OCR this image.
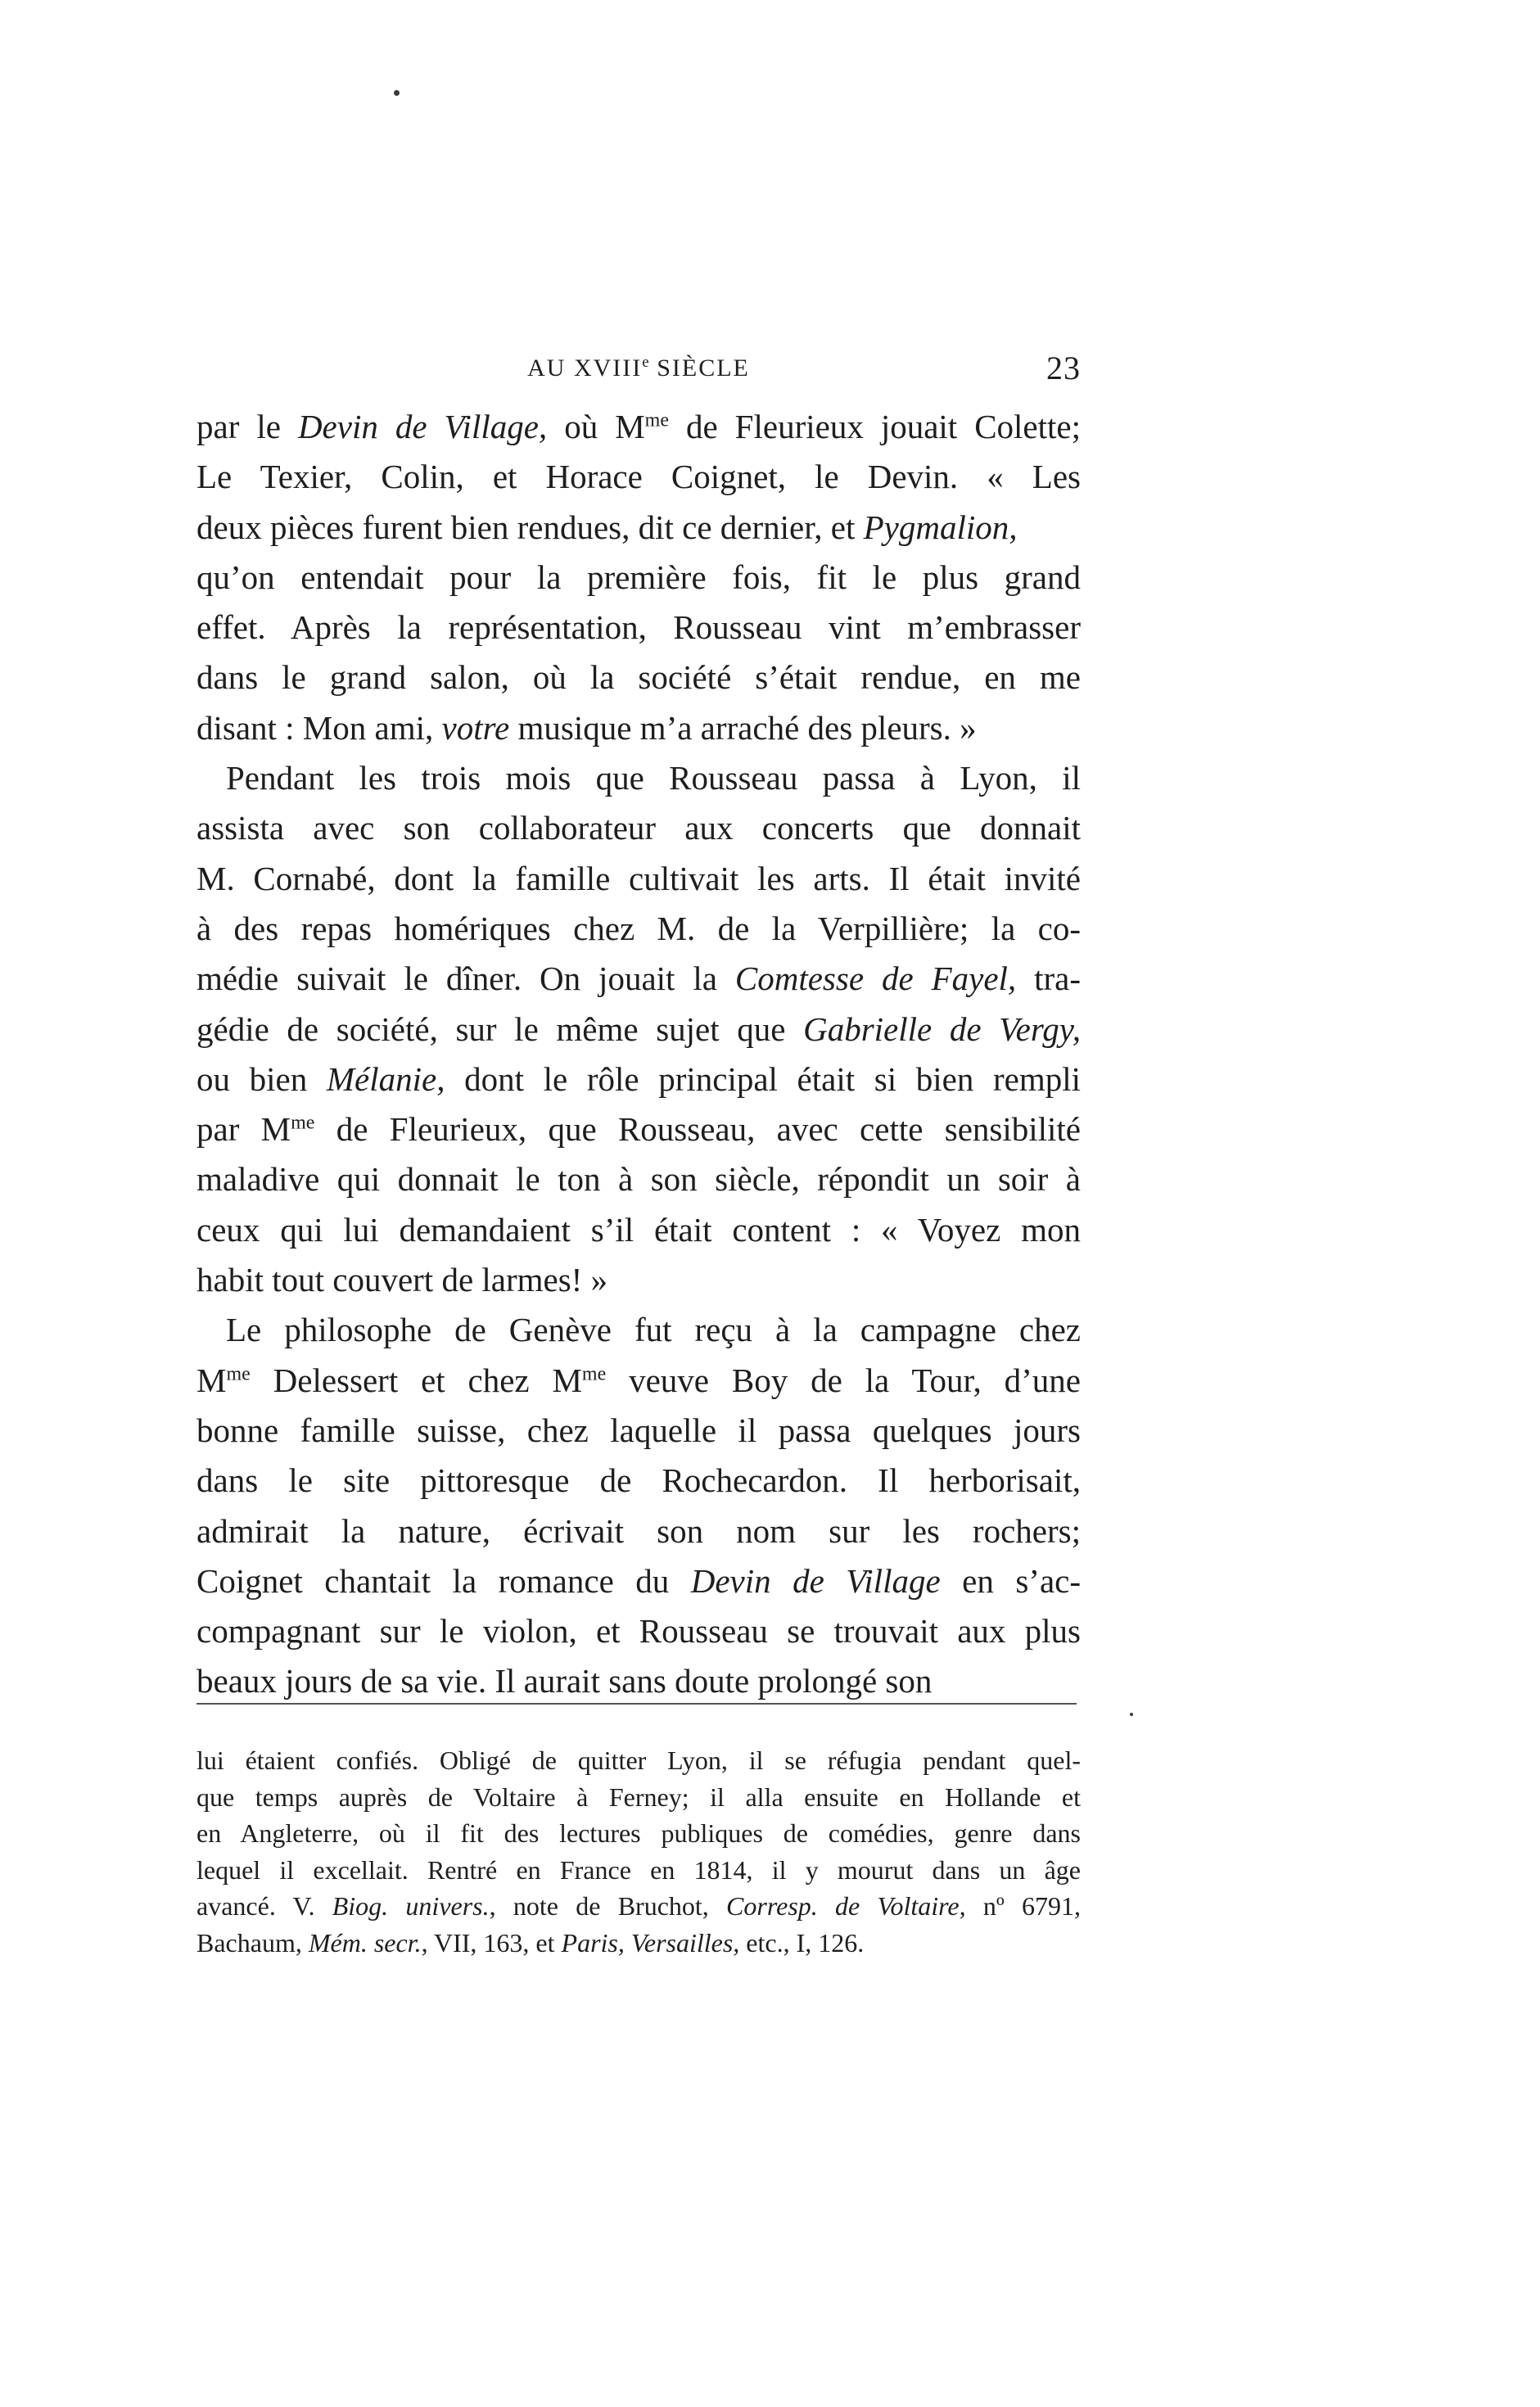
AU XVIIIe SIÈCLE	23
par le Devin de Village, où $M^{me}$ de Fleurieux jouait Colette;
Le Texier, Colin, et Horace Coignet, le Devin. « Les
deux pièces furent bien rendues, dit ce dernier, et Pygmalion,
qu’on entendait pour la première fois, fit le plus grand
effet. Après la représentation, Rousseau vint m’embrasser
dans le grand salon, où la société s’était rendue, en me
disant : Mon ami, votre musique m’a arraché des pleurs. »
Pendant les trois mois que Rousseau passa à Lyon, il
assista avec son collaborateur aux concerts que donnait
M. Cornabé, dont la famille cultivait les arts. Il était invité
à des repas homériques chez M. de la Verpillière; la co-
médie suivait le dîner. On jouait la Comtesse de Fayel, tra-
gédie de société, sur le même sujet que Gabrielle de Vergy,
ou bien Mélanie, dont le rôle principal était si bien rempli
par $M^{me}$ de Fleurieux, que Rousseau, avec cette sensibilité
maladive qui donnait le ton à son siècle, répondit un soir à
ceux qui lui demandaient s’il était content : « Voyez mon
habit tout couvert de larmes! »
Le philosophe de Genève fut reçu à la campagne chez
$M^{me}$ Delessert et chez $M^{me}$ veuve Boy de la Tour, d’une
bonne famille suisse, chez laquelle il passa quelques jours
dans le site pittoresque de Rochecardon. Il herborisait,
admirait la nature, écrivait son nom sur les rochers;
Coignet chantait la romance du Devin de Village en s’ac-
compagnant sur le violon, et Rousseau se trouvait aux plus
beaux jours de sa vie. Il aurait sans doute prolongé son
lui étaient confiés. Obligé de quitter Lyon, il se réfugia pendant quel-
que temps auprès de Voltaire à Ferney; il alla ensuite en Hollande et
en Angleterre, où il fit des lectures publiques de comédies, genre dans
lequel il excellait. Rentré en France en 1814, il y mourut dans un âge
avancé. V. Biog. univers., note de Bruchot, Corresp. de Voltaire, nº 6791,
Bachaum, Mém. secr., VII, 163, et Paris, Versailles, etc., I, 126.
